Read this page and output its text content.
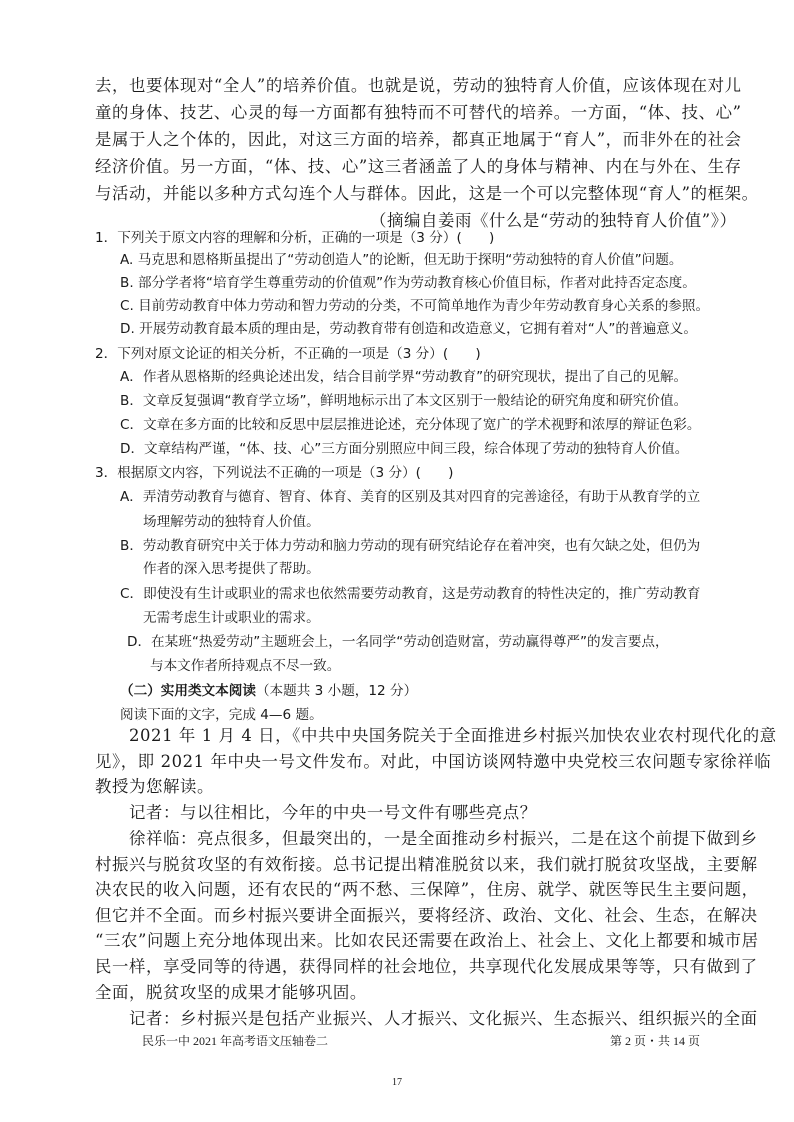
去，也要体现对“全人”的培养价值。也就是说，劳动的独特育人价值，应该体现在对儿
童的身体、技艺、心灵的每一方面都有独特而不可替代的培养。一方面，“体、技、心”
是属于人之个体的，因此，对这三方面的培养，都真正地属于“育人”，而非外在的社会
经济价值。另一方面，“体、技、心”这三者涵盖了人的身体与精神、内在与外在、生存
与活动，并能以多种方式勾连个人与群体。因此，这是一个可以完整体现“育人”的框架。
（摘编自姜雨《什么是“劳动的独特育人价值”》）
1．下列关于原文内容的理解和分析，正确的一项是（3 分）(　　)
A. 马克思和恩格斯虽提出了“劳动创造人”的论断，但无助于探明“劳动独特的育人价值”问题。
B. 部分学者将“培育学生尊重劳动的价值观”作为劳动教育核心价值目标，作者对此持否定态度。
C. 目前劳动教育中体力劳动和智力劳动的分类，不可简单地作为青少年劳动教育身心关系的参照。
D. 开展劳动教育最本质的理由是，劳动教育带有创造和改造意义，它拥有着对“人”的普遍意义。
2．下列对原文论证的相关分析，不正确的一项是（3 分）(　　)
A．作者从恩格斯的经典论述出发，结合目前学界“劳动教育”的研究现状，提出了自己的见解。
B．文章反复强调“教育学立场”，鲜明地标示出了本文区别于一般结论的研究角度和研究价值。
C．文章在多方面的比较和反思中层层推进论述，充分体现了宽广的学术视野和浓厚的辩证色彩。
D．文章结构严谨，“体、技、心”三方面分别照应中间三段，综合体现了劳动的独特育人价值。
3．根据原文内容，下列说法不正确的一项是（3 分）(　　)
A．弄清劳动教育与德育、智育、体育、美育的区别及其对四育的完善途径，有助于从教育学的立
场理解劳动的独特育人价值。
B．劳动教育研究中关于体力劳动和脑力劳动的现有研究结论存在着冲突，也有欠缺之处，但仍为
作者的深入思考提供了帮助。
C．即使没有生计或职业的需求也依然需要劳动教育，这是劳动教育的特性决定的，推广劳动教育
无需考虑生计或职业的需求。
D．在某班“热爱劳动”主题班会上，一名同学“劳动创造财富，劳动赢得尊严”的发言要点，
与本文作者所持观点不尽一致。
（二）实用类文本阅读（本题共 3 小题，12 分）
阅读下面的文字，完成 4—6 题。
　　2021 年 1 月 4 日，《中共中央国务院关于全面推进乡村振兴加快农业农村现代化的意
见》，即 2021 年中央一号文件发布。对此，中国访谈网特邀中央党校三农问题专家徐祥临
教授为您解读。
　　记者：与以往相比，今年的中央一号文件有哪些亮点？
　　徐祥临：亮点很多，但最突出的，一是全面推动乡村振兴，二是在这个前提下做到乡
村振兴与脱贫攻坚的有效衔接。总书记提出精准脱贫以来，我们就打脱贫攻坚战，主要解
决农民的收入问题，还有农民的“两不愁、三保障”，住房、就学、就医等民生主要问题，
但它并不全面。而乡村振兴要讲全面振兴，要将经济、政治、文化、社会、生态，在解决
“三农”问题上充分地体现出来。比如农民还需要在政治上、社会上、文化上都要和城市居
民一样，享受同等的待遇，获得同样的社会地位，共享现代化发展成果等等，只有做到了
全面，脱贫攻坚的成果才能够巩固。
　　记者：乡村振兴是包括产业振兴、人才振兴、文化振兴、生态振兴、组织振兴的全面
民乐一中 2021 年高考语文压轴卷二	第 2 页・共 14 页
17
